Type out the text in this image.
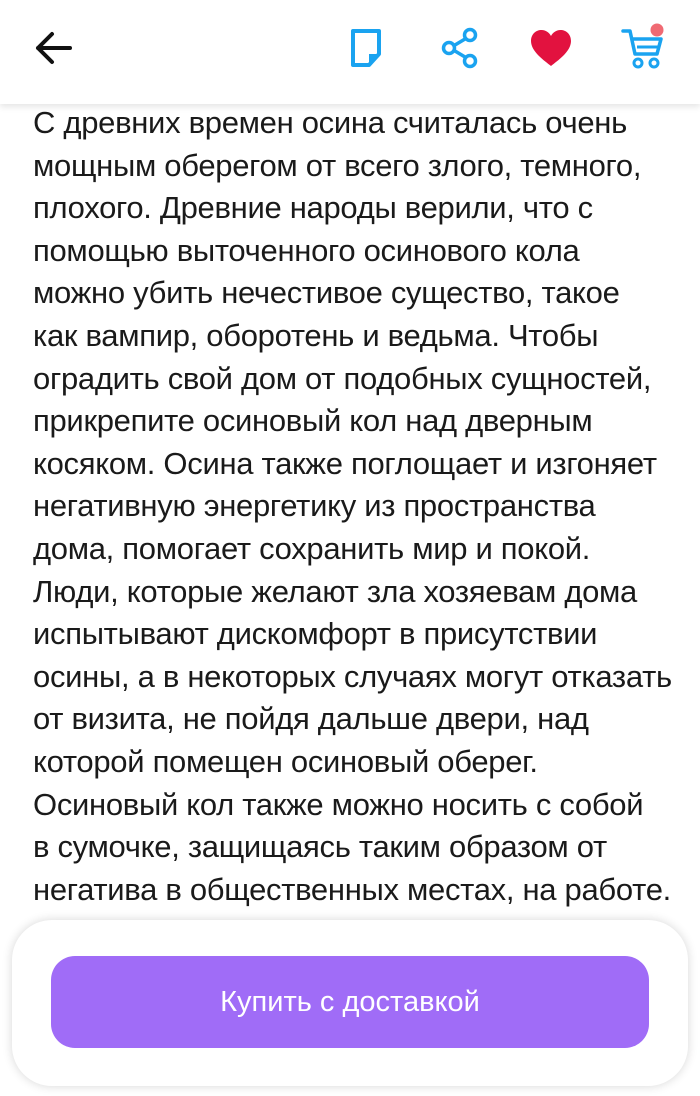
С древних времен осина считалась очень
мощным оберегом от всего злого, темного,
плохого. Древние народы верили, что с
помощью выточенного осинового кола
можно убить нечестивое существо, такое
как вампир, оборотень и ведьма. Чтобы
оградить свой дом от подобных сущностей,
прикрепите осиновый кол над дверным
косяком. Осина также поглощает и изгоняет
негативную энергетику из пространства
дома, помогает сохранить мир и покой.
Люди, которые желают зла хозяевам дома
испытывают дискомфорт в присутствии
осины, а в некоторых случаях могут отказать
от визита, не пойдя дальше двери, над
которой помещен осиновый оберег.
Осиновый кол также можно носить с собой
в сумочке, защищаясь таким образом от
негатива в общественных местах, на работе.

Купить с доставкой
